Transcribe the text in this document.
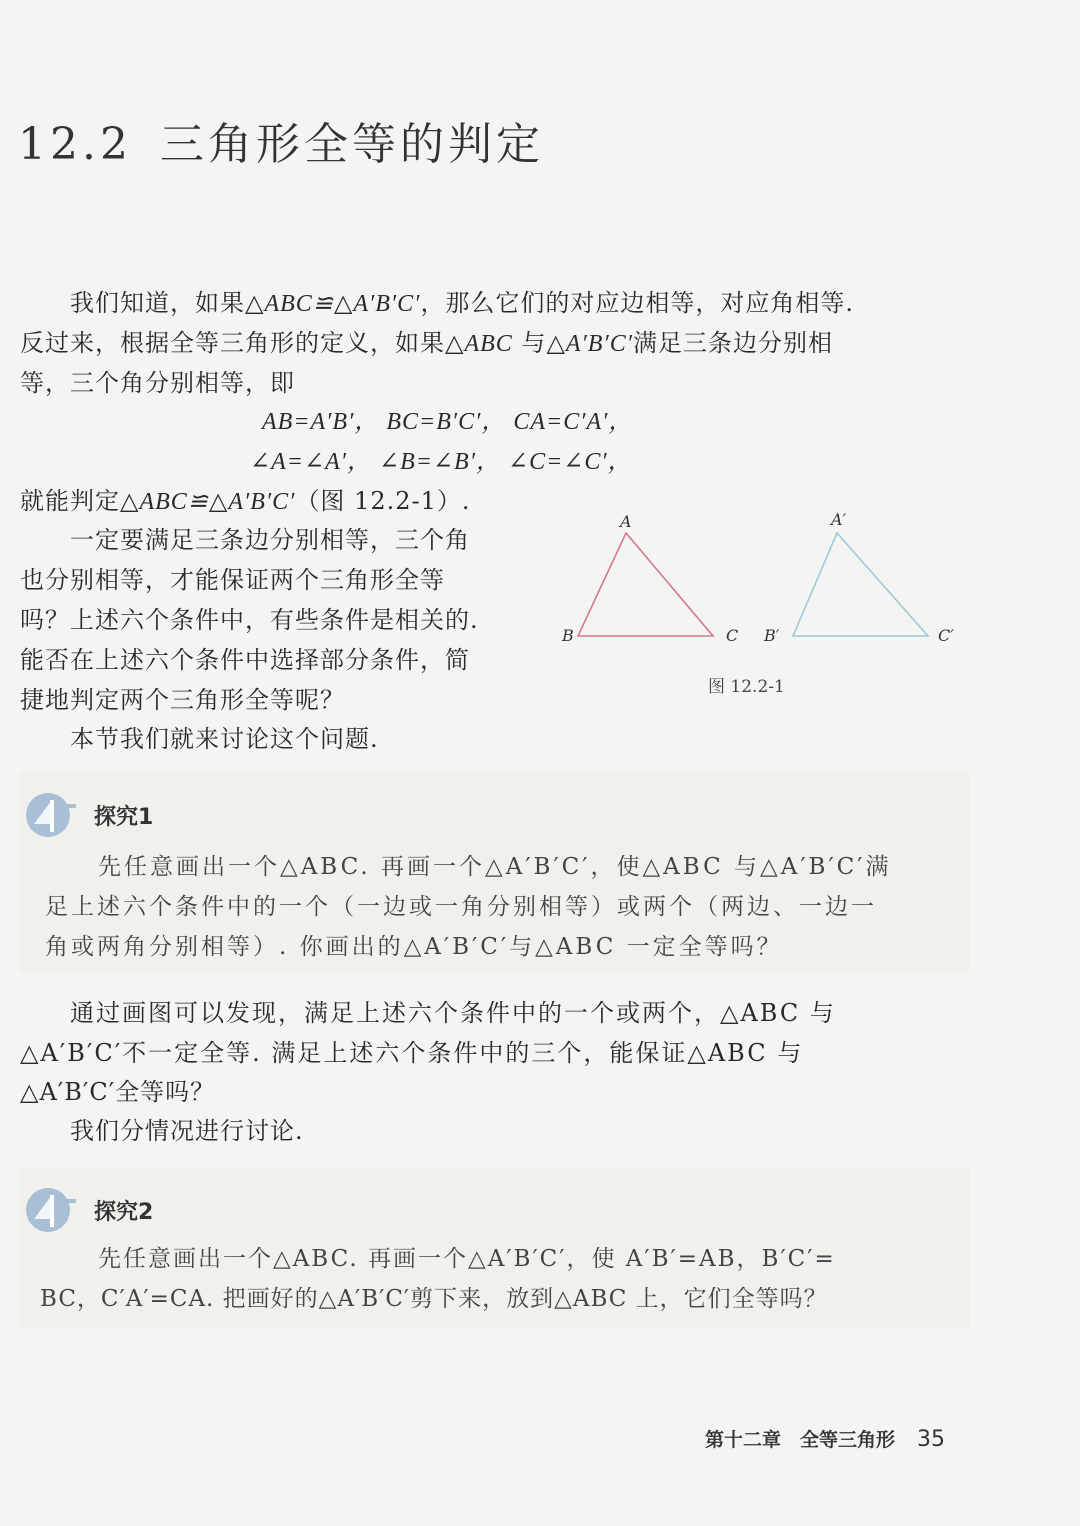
12.2 三角形全等的判定
我们知道，如果△ABC≌△A′B′C′，那么它们的对应边相等，对应角相等.
反过来，根据全等三角形的定义，如果△ABC 与△A′B′C′满足三条边分别相
等，三个角分别相等，即
AB=A′B′， BC=B′C′， CA=C′A′，
∠A=∠A′， ∠B=∠B′， ∠C=∠C′，
就能判定△ABC≌△A′B′C′（图 12.2-1）.
一定要满足三条边分别相等，三个角
也分别相等，才能保证两个三角形全等
吗？上述六个条件中，有些条件是相关的.
能否在上述六个条件中选择部分条件，简
捷地判定两个三角形全等呢？
本节我们就来讨论这个问题.
A
B	C
A′
B′	C′
图 12.2-1
探究1
先任意画出一个△ABC. 再画一个△A′B′C′，使△ABC 与△A′B′C′满
足上述六个条件中的一个（一边或一角分别相等）或两个（两边、一边一
角或两角分别相等）. 你画出的△A′B′C′与△ABC 一定全等吗？
通过画图可以发现，满足上述六个条件中的一个或两个，△ABC 与
△A′B′C′不一定全等. 满足上述六个条件中的三个，能保证△ABC 与
△A′B′C′全等吗？
我们分情况进行讨论.
探究2
先任意画出一个△ABC. 再画一个△A′B′C′，使 A′B′=AB，B′C′=
BC，C′A′=CA. 把画好的△A′B′C′剪下来，放到△ABC 上，它们全等吗？
第十二章　全等三角形 35
